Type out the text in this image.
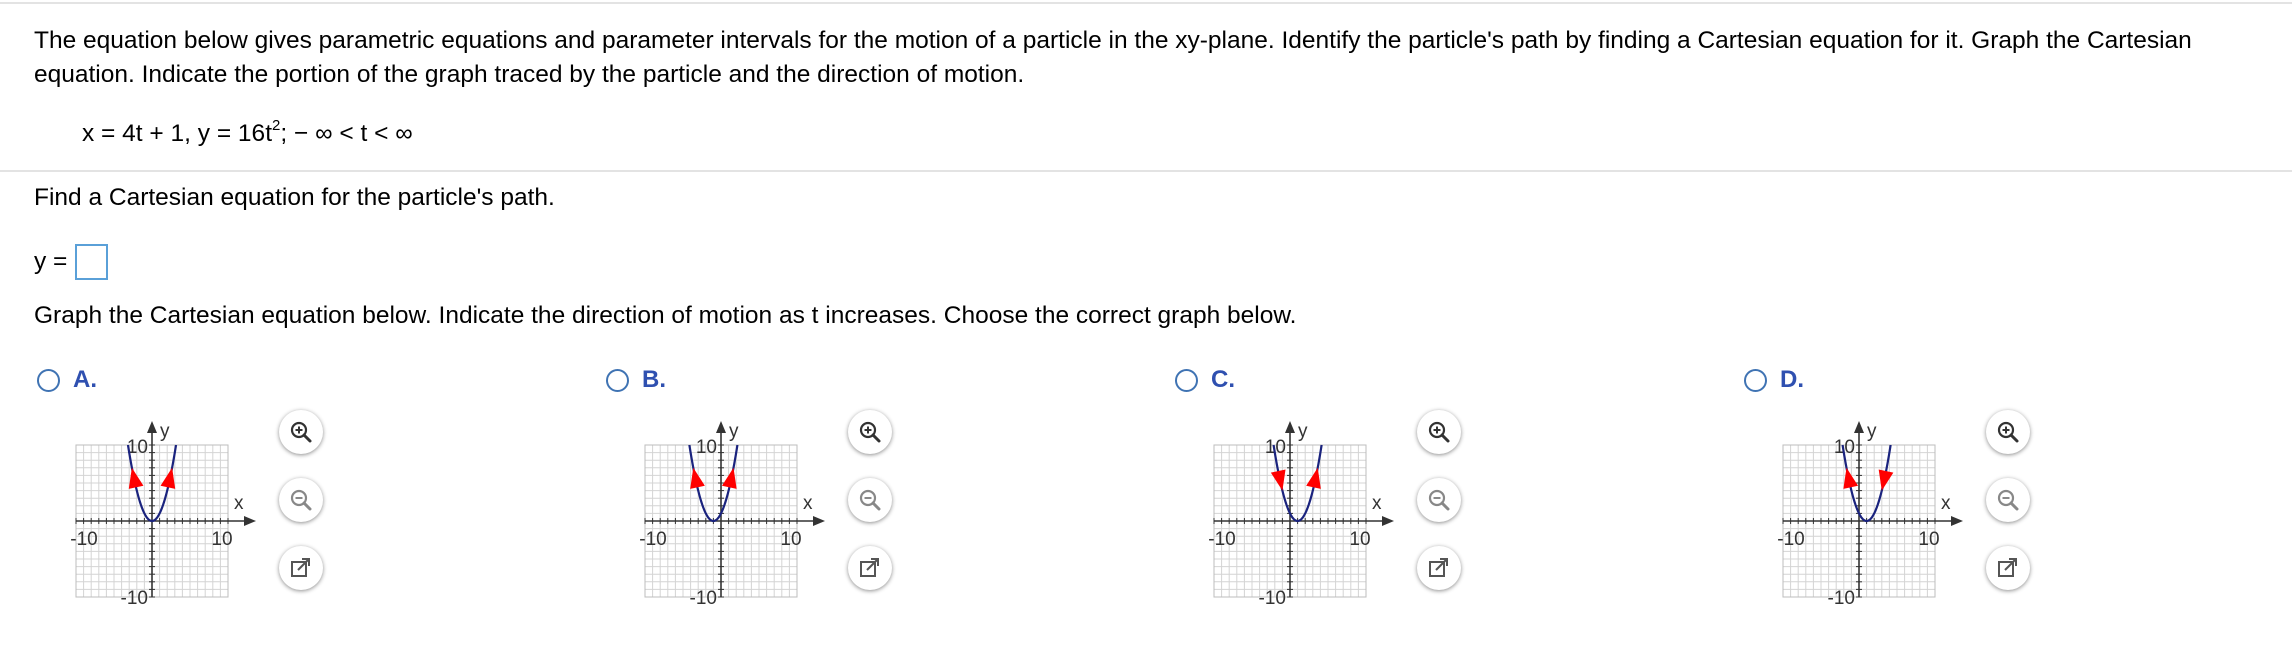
The equation below gives parametric equations and parameter intervals for the motion of a particle in the xy-plane. Identify the particle's path by finding a Cartesian equation for it. Graph the Cartesian equation. Indicate the portion of the graph traced by the particle and the direction of motion.
x = 4t + 1, $y = 16t^2$; − ∞ < t < ∞
Find a Cartesian equation for the particle's path.
y =
Graph the Cartesian equation below. Indicate the direction of motion as t increases. Choose the correct graph below.
A.
y
x
-10	10
10
-10
B.
y
x
-10	10
10
-10
C.
y
x
-10	10
10
-10
D.
y
x
-10	10
10
-10
